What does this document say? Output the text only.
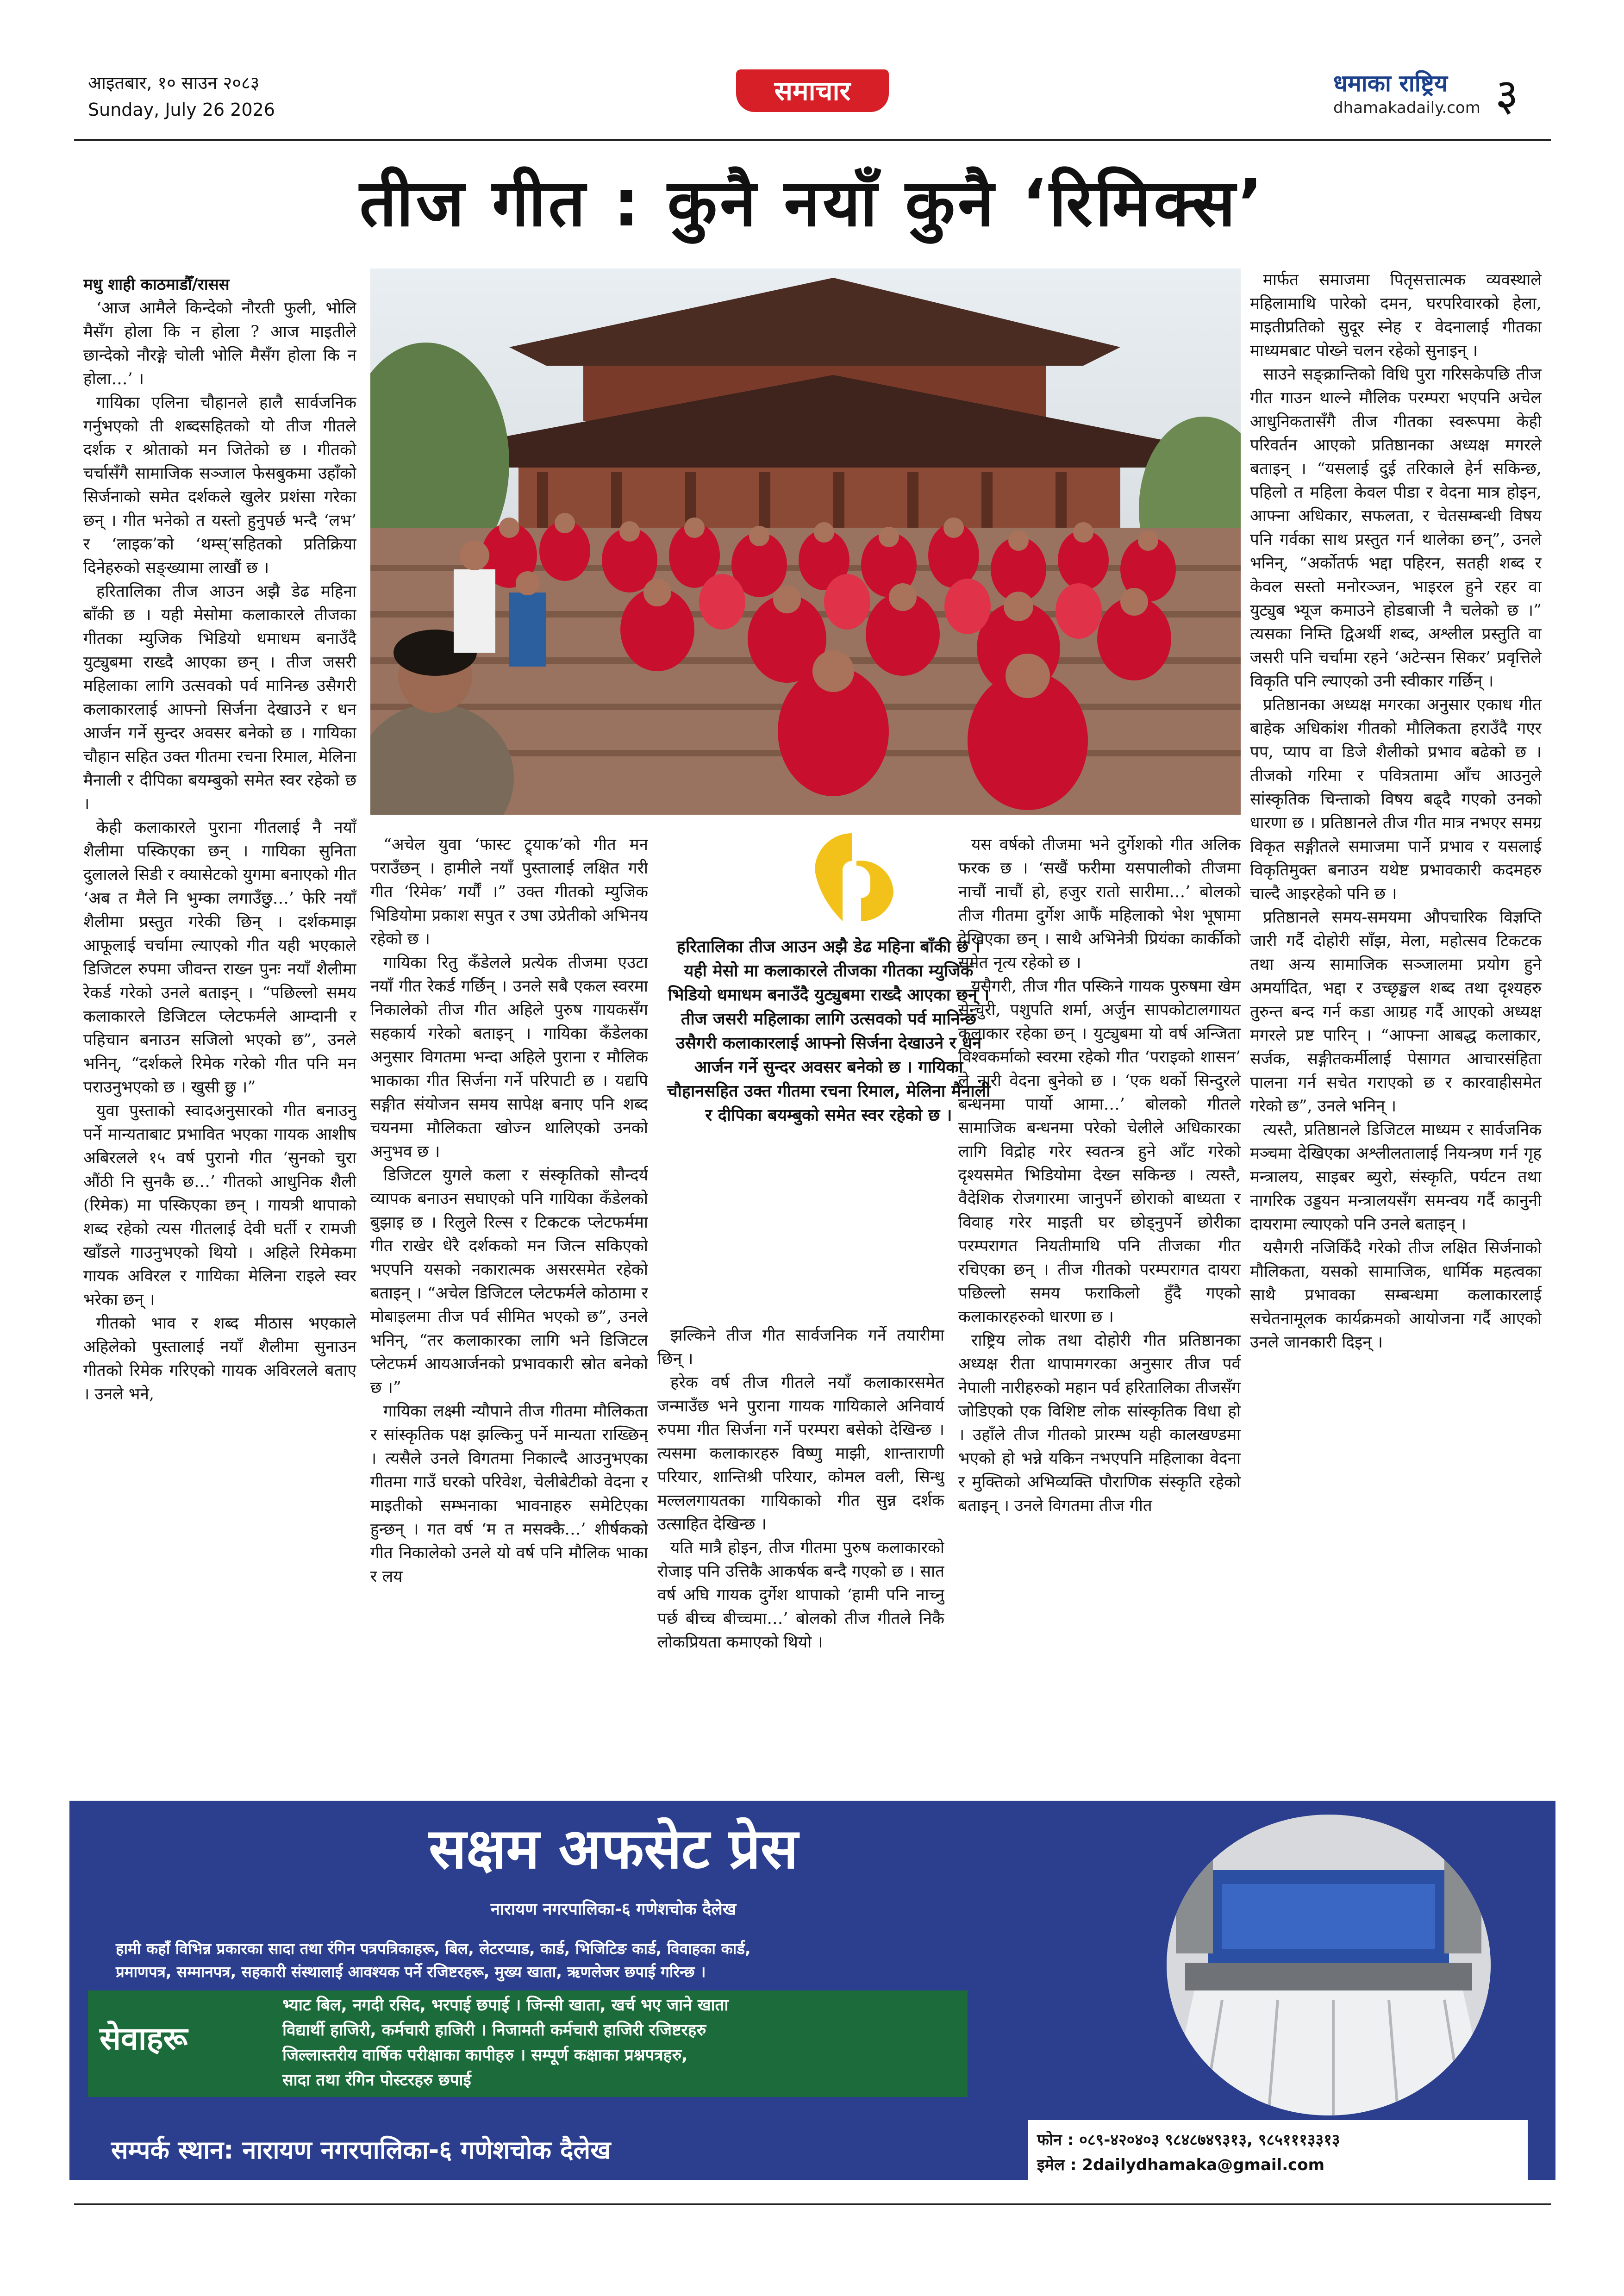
आइतबार, १० साउन २०८३
Sunday, July 26 2026
समाचार	धमाका राष्ट्रिय
dhamakadaily.com ३
तीज गीत : कुनै नयाँ कुनै ‘रिमिक्स’
मधु शाही काठमाडौँ/रासस

‘आज आमैले किन्देको नौरती फुली, भोलि मैसँग होला कि न होला ? आज माइतीले छान्देको नौरङ्गे चोली भोलि मैसँग होला कि न होला…’ ।

गायिका एलिना चौहानले हालै सार्वजनिक गर्नुभएको ती शब्दसहितको यो तीज गीतले दर्शक र श्रोताको मन जितेको छ । गीतको चर्चासँगै सामाजिक सञ्जाल फेसबुकमा उहाँको सिर्जनाको समेत दर्शकले खुलेर प्रशंसा गरेका छन् । गीत भनेको त यस्तो हुनुपर्छ भन्दै ‘लभ’ र ‘लाइक’को ‘थम्स्’सहितको प्रतिक्रिया दिनेहरुको सङ्ख्यामा लाखौं छ ।

हरितालिका तीज आउन अझै डेढ महिना बाँकी छ । यही मेसोमा कलाकारले तीजका गीतका म्युजिक भिडियो धमाधम बनाउँदै युट्युबमा राख्दै आएका छन् । तीज जसरी महिलाका लागि उत्सवको पर्व मानिन्छ उसैगरी कलाकारलाई आफ्नो सिर्जना देखाउने र धन आर्जन गर्ने सुन्दर अवसर बनेको छ । गायिका चौहान सहित उक्त गीतमा रचना रिमाल, मेलिना मैनाली र दीपिका बयम्बुको समेत स्वर रहेको छ ।

केही कलाकारले पुराना गीतलाई नै नयाँ शैलीमा पस्किएका छन् । गायिका सुनिता दुलालले सिडी र क्यासेटको युगमा बनाएको गीत ‘अब त मैले नि भुम्का लगाउँछु…’ फेरि नयाँ शैलीमा प्रस्तुत गरेकी छिन् । दर्शकमाझ आफूलाई चर्चामा ल्याएको गीत यही भएकाले डिजिटल रुपमा जीवन्त राख्न पुनः नयाँ शैलीमा रेकर्ड गरेको उनले बताइन् । “पछिल्लो समय कलाकारले डिजिटल प्लेटफर्मले आम्दानी र पहिचान बनाउन सजिलो भएको छ”, उनले भनिन्, “दर्शकले रिमेक गरेको गीत पनि मन पराउनुभएको छ । खुसी छु ।”

युवा पुस्ताको स्वादअनुसारको गीत बनाउनु पर्ने मान्यताबाट प्रभावित भएका गायक आशीष अबिरलले १५ वर्ष पुरानो गीत ‘सुनको चुरा औंठी नि सुनकै छ…’ गीतको आधुनिक शैली (रिमेक) मा पस्किएका छन् । गायत्री थापाको शब्द रहेको त्यस गीतलाई देवी घर्ती र रामजी खाँडले गाउनुभएको थियो । अहिले रिमेकमा गायक अविरल र गायिका मेलिना राइले स्वर भरेका छन् ।

गीतको भाव र शब्द मीठास भएकाले अहिलेको पुस्तालाई नयाँ शैलीमा सुनाउन गीतको रिमेक गरिएको गायक अविरलले बताए । उनले भने,

“अचेल युवा ‘फास्ट ट्र्याक’को गीत मन पराउँछन् । हामीले नयाँ पुस्तालाई लक्षित गरी गीत ‘रिमेक’ गर्यौं ।” उक्त गीतको म्युजिक भिडियोमा प्रकाश सपुत र उषा उप्रेतीको अभिनय रहेको छ ।

गायिका रितु कँडेलले प्रत्येक तीजमा एउटा नयाँ गीत रेकर्ड गर्छिन् । उनले सबै एकल स्वरमा निकालेको तीज गीत अहिले पुरुष गायकसँग सहकार्य गरेको बताइन् । गायिका कँडेलका अनुसार विगतमा भन्दा अहिले पुराना र मौलिक भाकाका गीत सिर्जना गर्ने परिपाटी छ । यद्यपि सङ्गीत संयोजन समय सापेक्ष बनाए पनि शब्द चयनमा मौलिकता खोज्न थालिएको उनको अनुभव छ ।

डिजिटल युगले कला र संस्कृतिको सौन्दर्य व्यापक बनाउन सघाएको पनि गायिका कँडेलको बुझाइ छ । रिलुले रिल्स र टिकटक प्लेटफर्ममा गीत राखेर धेरै दर्शकको मन जित्न सकिएको भएपनि यसको नकारात्मक असरसमेत रहेको बताइन् । “अचेल डिजिटल प्लेटफर्मले कोठामा र मोबाइलमा तीज पर्व सीमित भएको छ”, उनले भनिन्, “तर कलाकारका लागि भने डिजिटल प्लेटफर्म आयआर्जनको प्रभावकारी स्रोत बनेको छ ।”

गायिका लक्ष्मी न्यौपाने तीज गीतमा मौलिकता र सांस्कृतिक पक्ष झल्किनु पर्ने मान्यता राख्छिन् । त्यसैले उनले विगतमा निकाल्दै आउनुभएका गीतमा गाउँ घरको परिवेश, चेलीबेटीको वेदना र माइतीको सम्भनाका भावनाहरु समेटिएका हुन्छन् । गत वर्ष ‘म त मसक्कै…’ शीर्षकको गीत निकालेको उनले यो वर्ष पनि मौलिक भाका र लय

हरितालिका तीज आउन अझै डेढ महिना बाँकी छ । यही मेसो मा कलाकारले तीजका गीतका म्युजिक भिडियो धमाधम बनाउँदै युट्युबमा राख्दै आएका छन् । तीज जसरी महिलाका लागि उत्सवको पर्व मानिन्छ उसैगरी कलाकारलाई आफ्नो सिर्जना देखाउने र धन आर्जन गर्ने सुन्दर अवसर बनेको छ । गायिका चौहानसहित उक्त गीतमा रचना रिमाल, मेलिना मैनाली र दीपिका बयम्बुको समेत स्वर रहेको छ ।

झल्किने तीज गीत सार्वजनिक गर्ने तयारीमा छिन् ।

हरेक वर्ष तीज गीतले नयाँ कलाकारसमेत जन्माउँछ भने पुराना गायक गायिकाले अनिवार्य रुपमा गीत सिर्जना गर्ने परम्परा बसेको देखिन्छ । त्यसमा कलाकारहरु विष्णु माझी, शान्ताराणी परियार, शान्तिश्री परियार, कोमल वली, सिन्धु मल्ललगायतका गायिकाको गीत सुन्न दर्शक उत्साहित देखिन्छ ।

यति मात्रै होइन, तीज गीतमा पुरुष कलाकारको रोजाइ पनि उत्तिकै आकर्षक बन्दै गएको छ । सात वर्ष अघि गायक दुर्गेश थापाको ‘हामी पनि नाच्नु पर्छ बीच्च बीच्चमा…’ बोलको तीज गीतले निकै लोकप्रियता कमाएको थियो ।

यस वर्षको तीजमा भने दुर्गेशको गीत अलिक फरक छ । ‘सखैं फरीमा यसपालीको तीजमा नाचौं नाचौं हो, हजुर रातो सारीमा…’ बोलको तीज गीतमा दुर्गेश आफैं महिलाको भेश भूषामा देखिएका छन् । साथै अभिनेत्री प्रियंका कार्कीको समेत नृत्य रहेको छ ।

यसैगरी, तीज गीत पस्किने गायक पुरुषमा खेम सेन्चुरी, पशुपति शर्मा, अर्जुन सापकोटालगायत कलाकार रहेका छन् । युट्युबमा यो वर्ष अन्जिता विश्वकर्माको स्वरमा रहेको गीत ‘पराइको शासन’ ले नारी वेदना बुनेको छ । ‘एक थर्को सिन्दुरले बन्धनमा पार्यो आमा…’ बोलको गीतले सामाजिक बन्धनमा परेको चेलीले अधिकारका लागि विद्रोह गरेर स्वतन्त्र हुने आँट गरेको दृश्यसमेत भिडियोमा देख्न सकिन्छ । त्यस्तै, वैदेशिक रोजगारमा जानुपर्ने छोराको बाध्यता र विवाह गरेर माइती घर छोड्नुपर्ने छोरीका परम्परागत नियतीमाथि पनि तीजका गीत रचिएका छन् । तीज गीतको परम्परागत दायरा पछिल्लो समय फराकिलो हुँदै गएको कलाकारहरुको धारणा छ ।

राष्ट्रिय लोक तथा दोहोरी गीत प्रतिष्ठानका अध्यक्ष रीता थापामगरका अनुसार तीज पर्व नेपाली नारीहरुको महान पर्व हरितालिका तीजसँग जोडिएको एक विशिष्ट लोक सांस्कृतिक विधा हो । उहाँले तीज गीतको प्रारम्भ यही कालखण्डमा भएको हो भन्ने यकिन नभएपनि महिलाका वेदना र मुक्तिको अभिव्यक्ति पौराणिक संस्कृति रहेको बताइन् । उनले विगतमा तीज गीत

मार्फत समाजमा पितृसत्तात्मक व्यवस्थाले महिलामाथि पारेको दमन, घरपरिवारको हेला, माइतीप्रतिको सुदूर स्नेह र वेदनालाई गीतका माध्यमबाट पोख्ने चलन रहेको सुनाइन् ।

साउने सङ्क्रान्तिको विधि पुरा गरिसकेपछि तीज गीत गाउन थाल्ने मौलिक परम्परा भएपनि अचेल आधुनिकतासँगै तीज गीतका स्वरूपमा केही परिवर्तन आएको प्रतिष्ठानका अध्यक्ष मगरले बताइन् । “यसलाई दुई तरिकाले हेर्न सकिन्छ, पहिलो त महिला केवल पीडा र वेदना मात्र होइन, आफ्ना अधिकार, सफलता, र चेतसम्बन्धी विषय पनि गर्वका साथ प्रस्तुत गर्न थालेका छन्”, उनले भनिन्, “अर्कोतर्फ भद्दा पहिरन, सतही शब्द र केवल सस्तो मनोरञ्जन, भाइरल हुने रहर वा युट्युब भ्यूज कमाउने होडबाजी नै चलेको छ ।” त्यसका निम्ति द्विअर्थी शब्द, अश्लील प्रस्तुति वा जसरी पनि चर्चामा रहने ‘अटेन्सन सिकर’ प्रवृत्तिले विकृति पनि ल्याएको उनी स्वीकार गर्छिन् ।

प्रतिष्ठानका अध्यक्ष मगरका अनुसार एकाध गीत बाहेक अधिकांश गीतको मौलिकता हराउँदै गएर पप, प्याप वा डिजे शैलीको प्रभाव बढेको छ । तीजको गरिमा र पवित्रतामा आँच आउनुले सांस्कृतिक चिन्ताको विषय बढ्दै गएको उनको धारणा छ । प्रतिष्ठानले तीज गीत मात्र नभएर समग्र विकृत सङ्गीतले समाजमा पार्ने प्रभाव र यसलाई विकृतिमुक्त बनाउन यथेष्ट प्रभावकारी कदमहरु चाल्दै आइरहेको पनि छ ।

प्रतिष्ठानले समय-समयमा औपचारिक विज्ञप्ति जारी गर्दै दोहोरी साँझ, मेला, महोत्सव टिकटक तथा अन्य सामाजिक सञ्जालमा प्रयोग हुने अमर्यादित, भद्दा र उच्छृङ्खल शब्द तथा दृश्यहरु तुरुन्त बन्द गर्न कडा आग्रह गर्दै आएको अध्यक्ष मगरले प्रष्ट पारिन् । “आफ्ना आबद्ध कलाकार, सर्जक, सङ्गीतकर्मीलाई पेसागत आचारसंहिता पालना गर्न सचेत गराएको छ र कारवाहीसमेत गरेको छ”, उनले भनिन् ।

त्यस्तै, प्रतिष्ठानले डिजिटल माध्यम र सार्वजनिक मञ्चमा देखिएका अश्लीलतालाई नियन्त्रण गर्न गृह मन्त्रालय, साइबर ब्युरो, संस्कृति, पर्यटन तथा नागरिक उड्डयन मन्त्रालयसँग समन्वय गर्दै कानुनी दायरामा ल्याएको पनि उनले बताइन् ।

यसैगरी नजिकिँदै गरेको तीज लक्षित सिर्जनाको मौलिकता, यसको सामाजिक, धार्मिक महत्वका साथै प्रभावका सम्बन्धमा कलाकारलाई सचेतनामूलक कार्यक्रमको आयोजना गर्दै आएको उनले जानकारी दिइन् ।

सक्षम अफसेट प्रेस
नारायण नगरपालिका-६ गणेशचोक दैलेख
हामी कहाँ विभिन्न प्रकारका सादा तथा रंगिन पत्रपत्रिकाहरू, बिल, लेटरप्याड, कार्ड, भिजिटिङ कार्ड, विवाहका कार्ड,
प्रमाणपत्र, सम्मानपत्र, सहकारी संस्थालाई आवश्यक पर्ने रजिष्टरहरू, मुख्य खाता, ऋणलेजर छपाई गरिन्छ ।
सेवाहरू
भ्याट बिल, नगदी रसिद, भरपाई छपाई । जिन्सी खाता, खर्च भए जाने खाता
विद्यार्थी हाजिरी, कर्मचारी हाजिरी । निजामती कर्मचारी हाजिरी रजिष्टरहरु
जिल्लास्तरीय वार्षिक परीक्षाका कापीहरु । सम्पूर्ण कक्षाका प्रश्नपत्रहरु,
सादा तथा रंगिन पोस्टरहरु छपाई
सम्पर्क स्थान: नारायण नगरपालिका-६ गणेशचोक दैलेख	फोन : ०८९-४२०४०३ ९८४८७४९३१३, ९८५१११३३१३
इमेल : 2dailydhamaka@gmail.com
